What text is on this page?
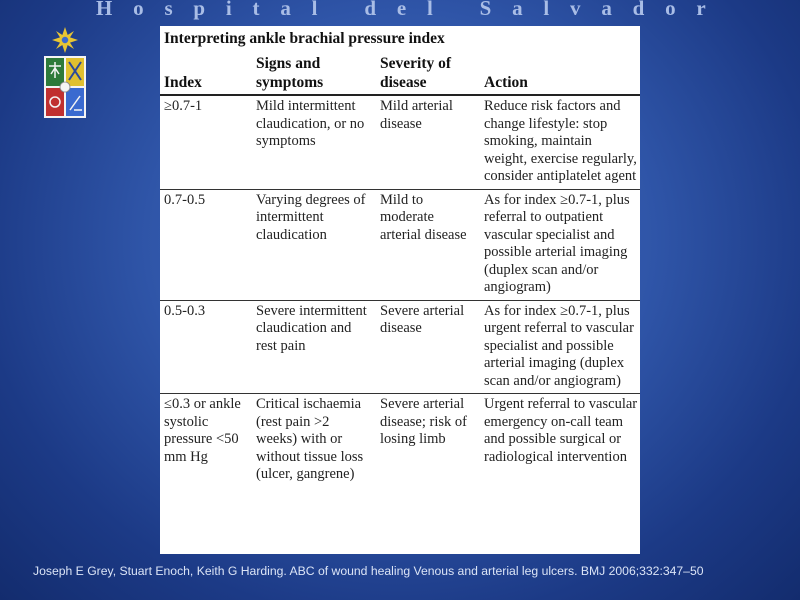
H o s p i t a l
d e l
S a l v a d o r
Interpreting ankle brachial pressure index
Index	Signs and symptoms	Severity of disease	Action
≥0.7-1	Mild intermittent claudication, or no symptoms	Mild arterial disease	Reduce risk factors and change lifestyle: stop smoking, maintain weight, exercise regularly, consider antiplatelet agent
0.7-0.5	Varying degrees of intermittent claudication	Mild to moderate arterial disease	As for index ≥0.7-1, plus referral to outpatient vascular specialist and possible arterial imaging (duplex scan and/or angiogram)
0.5-0.3	Severe intermittent claudication and rest pain	Severe arterial disease	As for index ≥0.7-1, plus urgent referral to vascular specialist and possible arterial imaging (duplex scan and/or angiogram)
≤0.3 or ankle systolic pressure <50 mm Hg	Critical ischaemia (rest pain >2 weeks) with or without tissue loss (ulcer, gangrene)	Severe arterial disease; risk of losing limb	Urgent referral to vascular emergency on-call team and possible surgical or radiological intervention
Joseph E Grey, Stuart Enoch, Keith G Harding. ABC of wound healing Venous and arterial leg ulcers. BMJ 2006;332:347–50
